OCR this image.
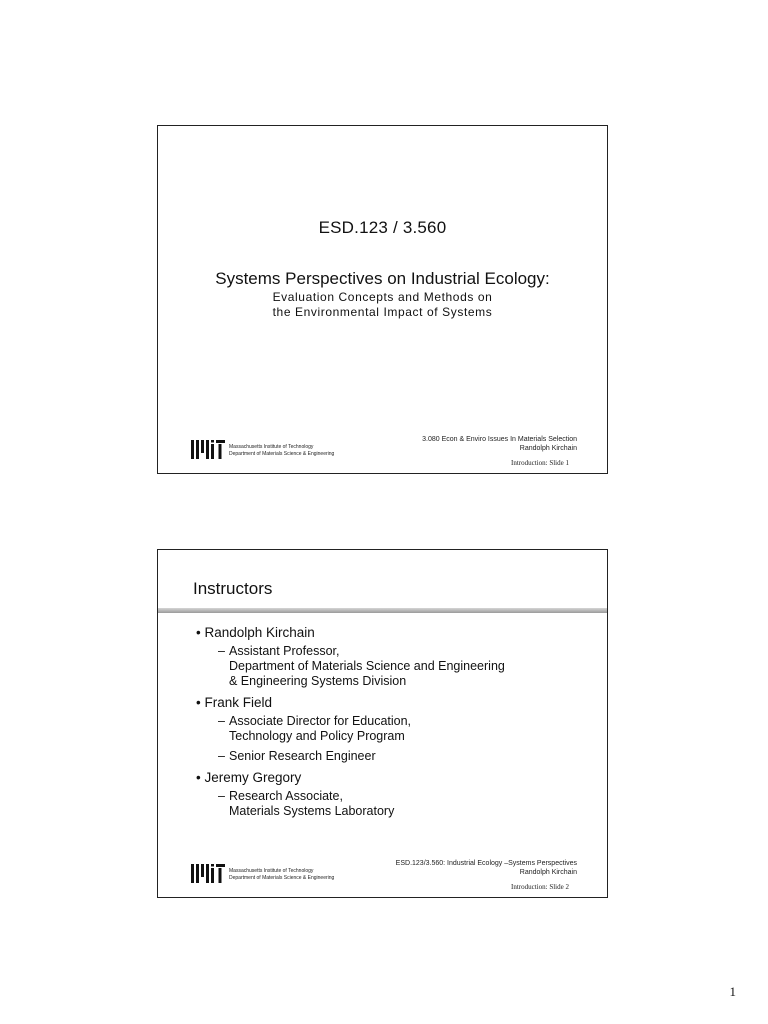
ESD.123 / 3.560
Systems Perspectives on Industrial Ecology:
Evaluation Concepts and Methods on
the Environmental Impact of Systems
Massachusetts Institute of Technology
Department of Materials Science & Engineering
3.080 Econ & Enviro Issues In Materials Selection
Randolph Kirchain
Introduction: Slide 1
Instructors
• Randolph Kirchain
– Assistant Professor,
Department of Materials Science and Engineering
& Engineering Systems Division
• Frank Field
– Associate Director for Education,
Technology and Policy Program
– Senior Research Engineer
• Jeremy Gregory
– Research Associate,
Materials Systems Laboratory
Massachusetts Institute of Technology
Department of Materials Science & Engineering
ESD.123/3.560: Industrial Ecology –Systems Perspectives
Randolph Kirchain
Introduction: Slide 2
1
